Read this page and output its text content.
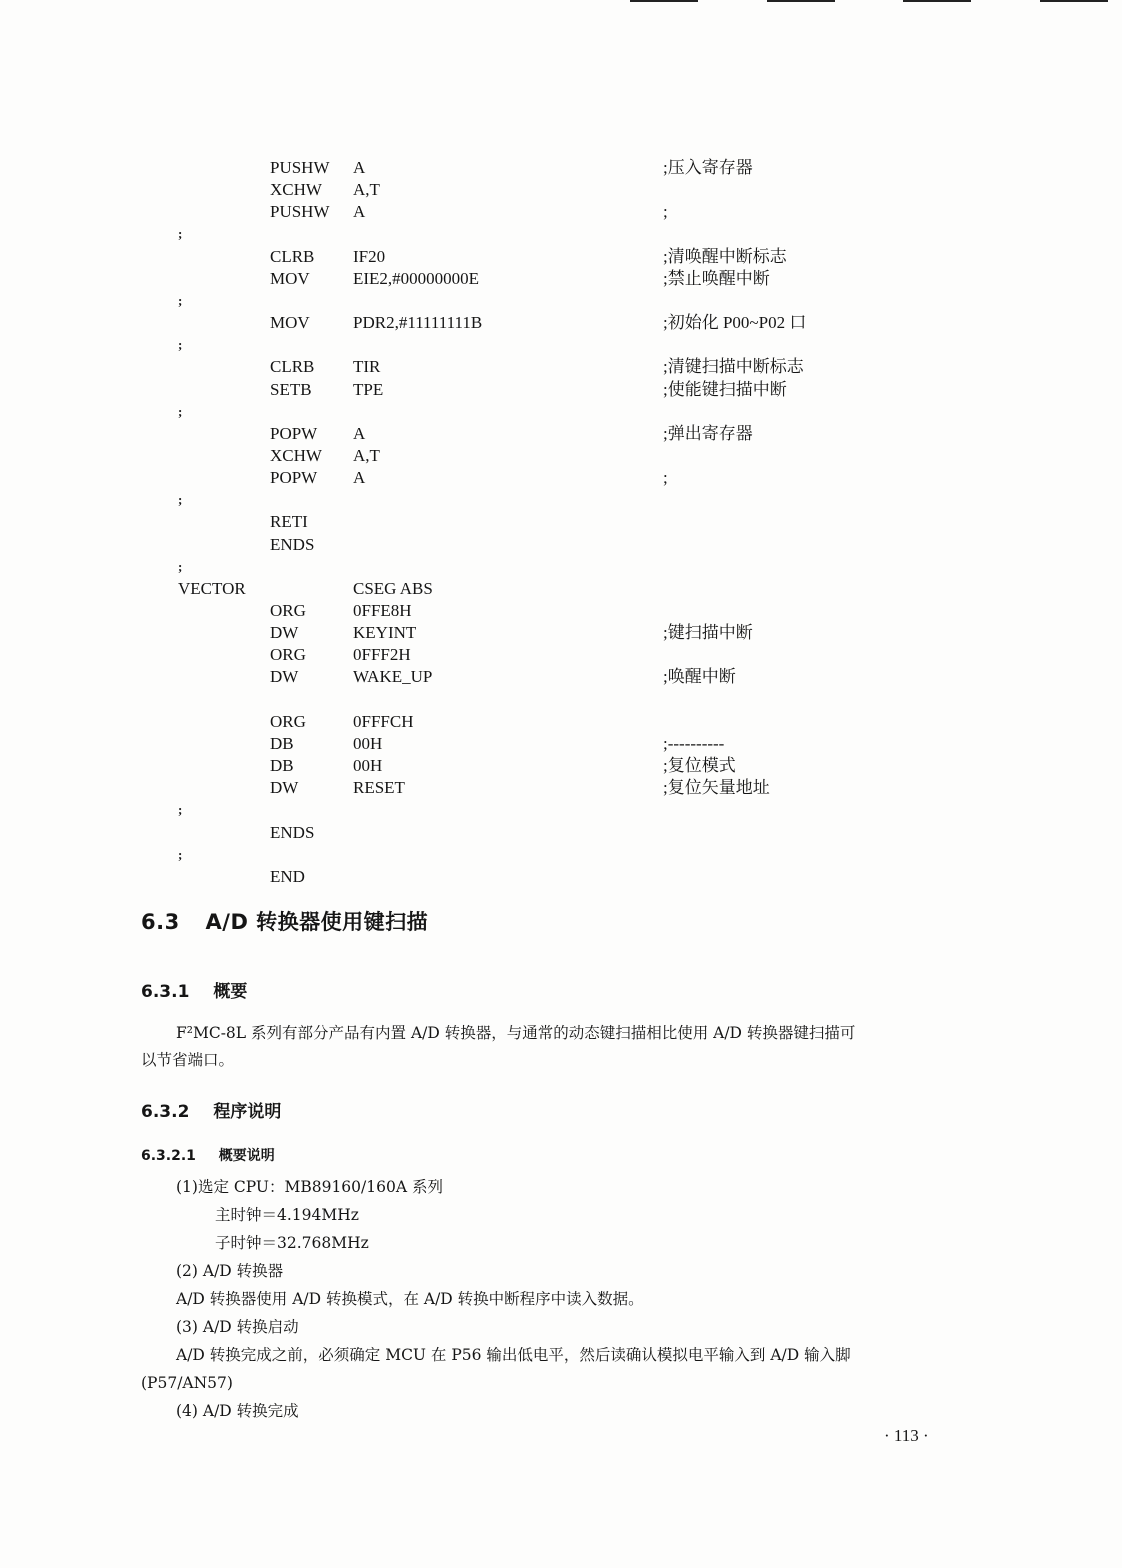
PUSHW A	;压入寄存器
XCHW A,T
PUSHW A	;
;
CLRB IF20	;清唤醒中断标志
MOV	EIE2,#00000000E	;禁止唤醒中断
;
MOV	PDR2,#11111111B	;初始化 P00~P02 口
;
CLRB TIR	;清键扫描中断标志
SETB TPE	;使能键扫描中断
;
POPW A	;弹出寄存器
XCHW A,T
POPW A	;
;
RETI
ENDS
;
VECTOR	CSEG ABS
ORG	0FFE8H
DW	KEYINT	;键扫描中断
ORG	0FFF2H
DW	WAKE_UP	;唤醒中断
ORG	0FFFCH
DB	00H	;----------
DB	00H	;复位模式
DW	RESET	;复位矢量地址
;
ENDS
;
END
6.3 A/D 转换器使用键扫描
6.3.1 概要
F²MC-8L 系列有部分产品有内置 A/D 转换器，与通常的动态键扫描相比使用 A/D 转换器键扫描可
以节省端口。
6.3.2 程序说明
6.3.2.1 概要说明
(1)选定 CPU：MB89160/160A 系列
主时钟＝4.194MHz
子时钟＝32.768MHz
(2) A/D 转换器
A/D 转换器使用 A/D 转换模式，在 A/D 转换中断程序中读入数据。
(3) A/D 转换启动
A/D 转换完成之前，必须确定 MCU 在 P56 输出低电平，然后读确认模拟电平输入到 A/D 输入脚
(P57/AN57)
(4) A/D 转换完成
· 113 ·
